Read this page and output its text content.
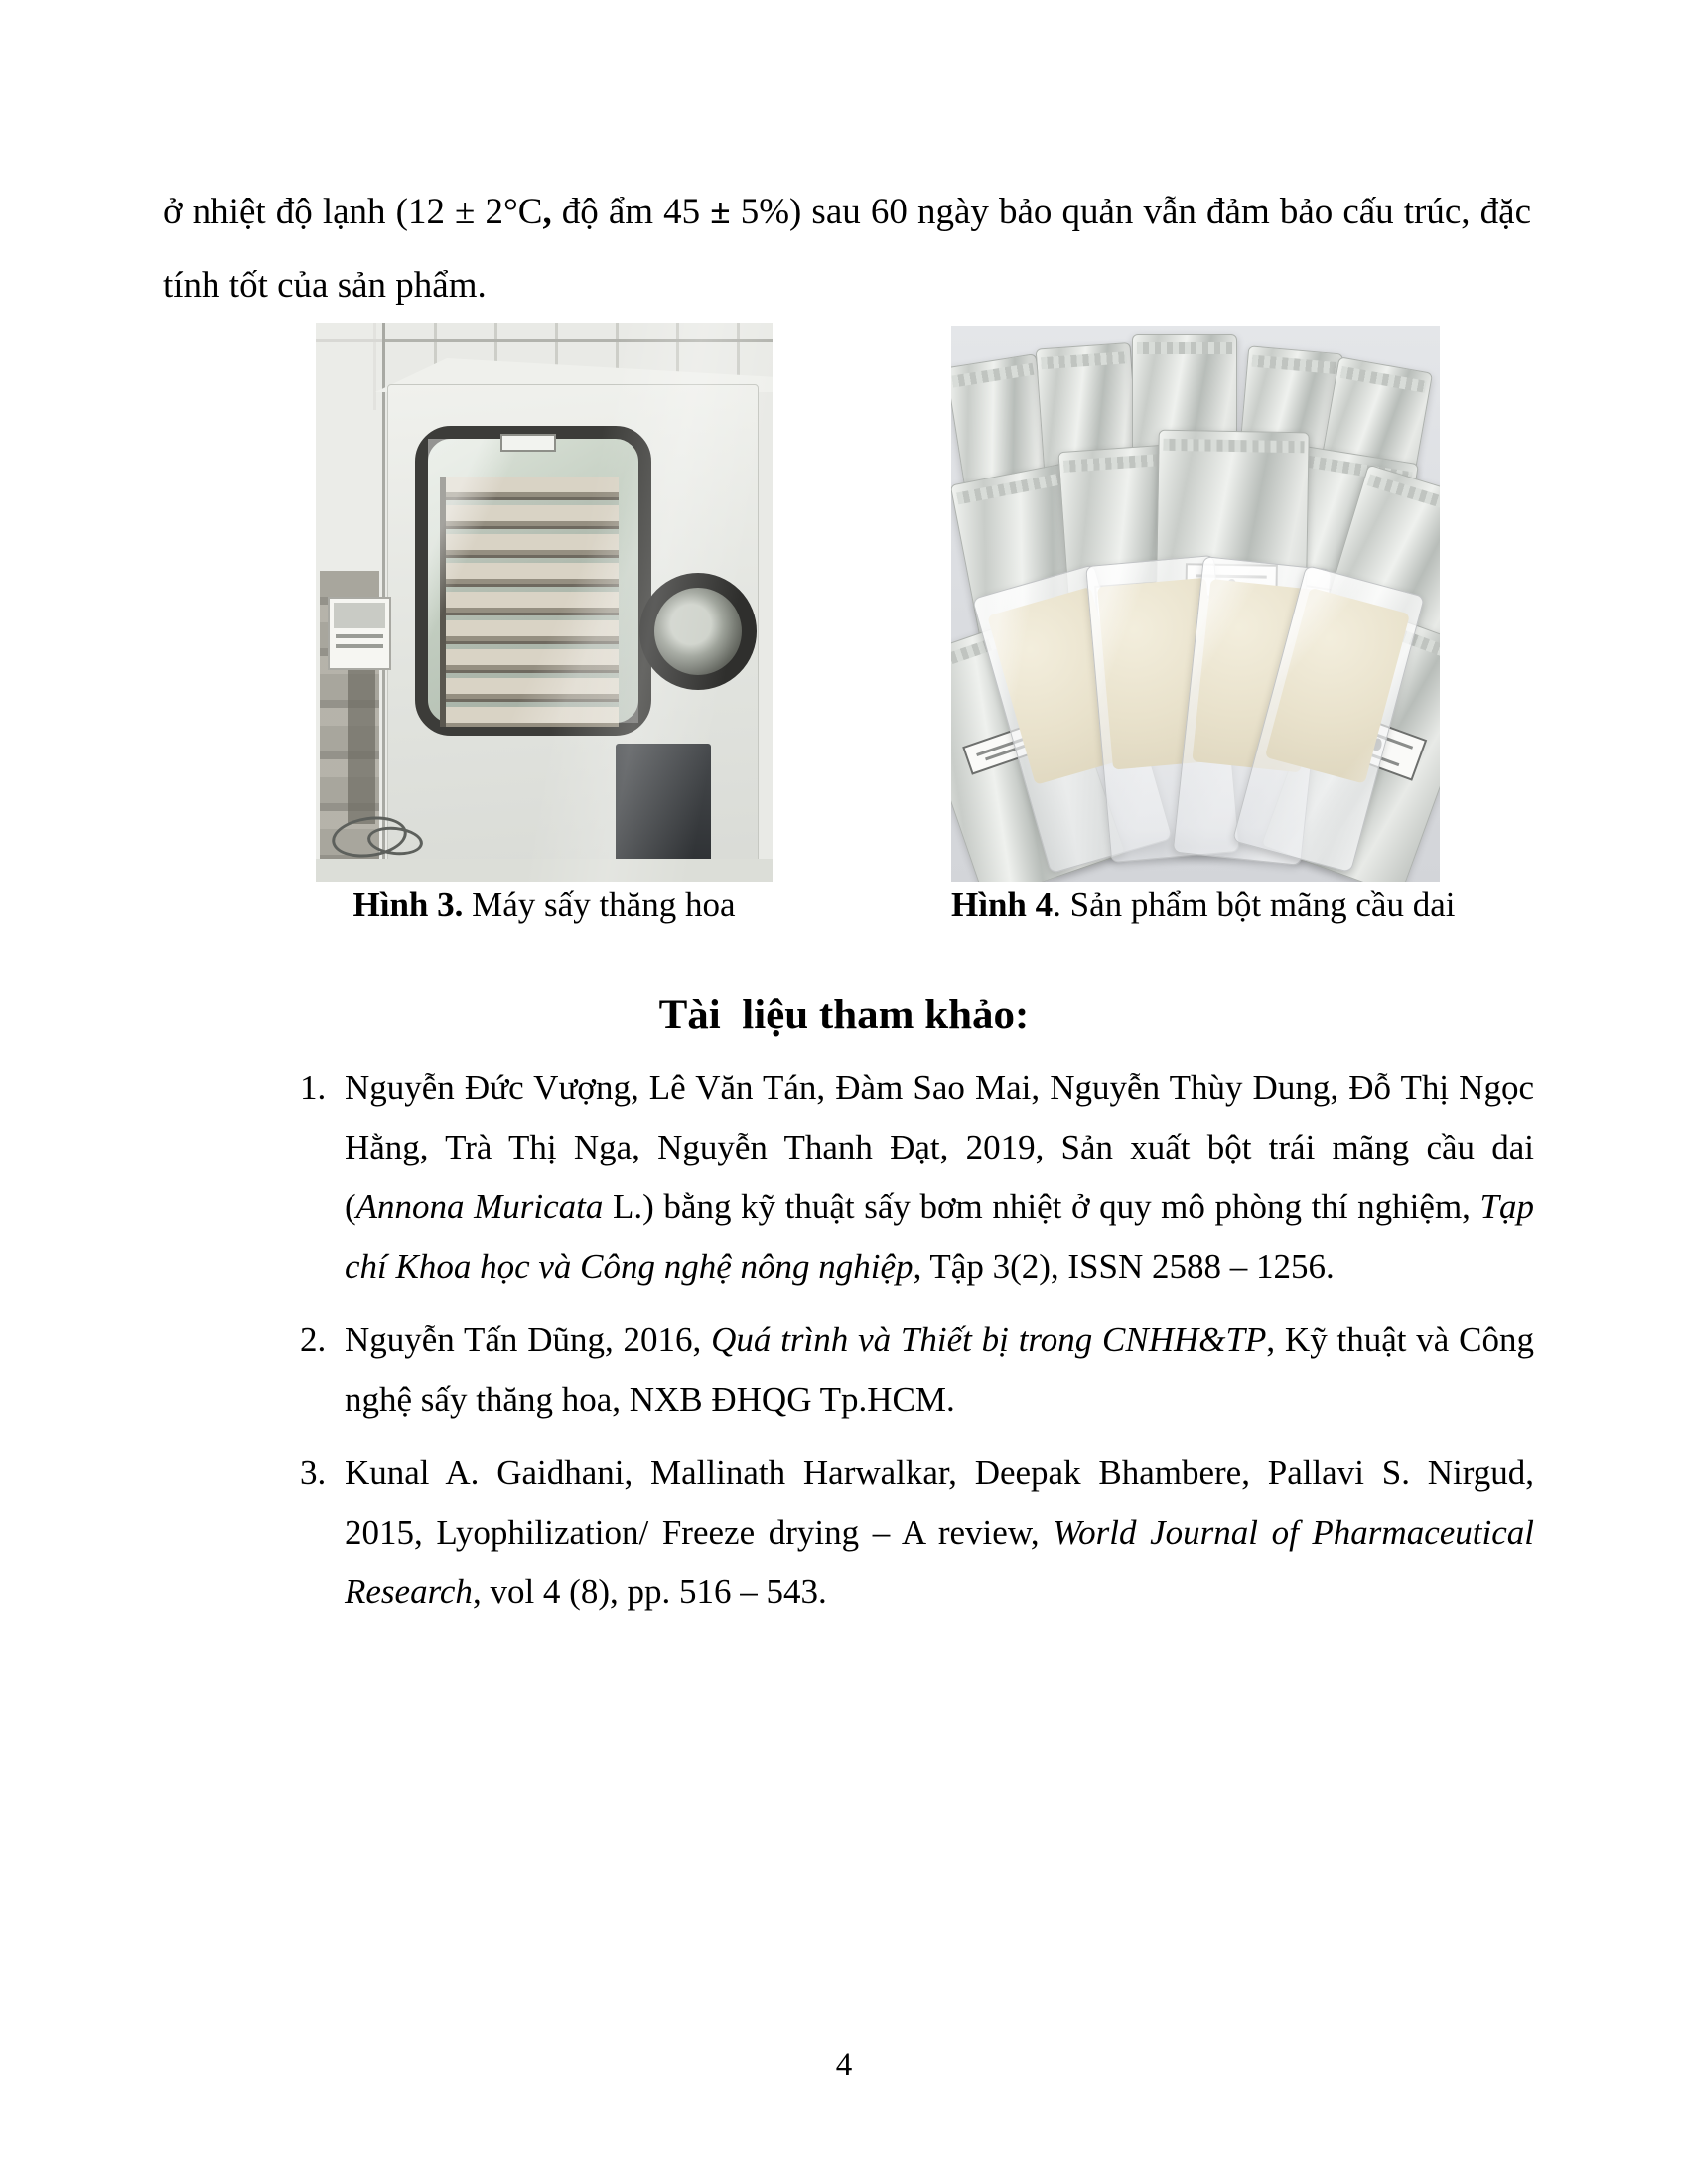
ở nhiệt độ lạnh (12 ± 2°C, độ ẩm 45 ± 5%) sau 60 ngày bảo quản vẫn đảm bảo cấu trúc, đặc tính tốt của sản phẩm.

Hình 3. Máy sấy thăng hoa	Hình 4. Sản phẩm bột mãng cầu dai
Tài  liệu tham khảo:
1. Nguyễn Đức Vượng, Lê Văn Tán, Đàm Sao Mai, Nguyễn Thùy Dung, Đỗ Thị Ngọc Hằng, Trà Thị Nga, Nguyễn Thanh Đạt, 2019, Sản xuất bột trái mãng cầu dai (Annona Muricata L.) bằng kỹ thuật sấy bơm nhiệt ở quy mô phòng thí nghiệm, Tạp chí Khoa học và Công nghệ nông nghiệp, Tập 3(2), ISSN 2588 – 1256.
2. Nguyễn Tấn Dũng, 2016, Quá trình và Thiết bị trong CNHH&TP, Kỹ thuật và Công nghệ sấy thăng hoa, NXB ĐHQG Tp.HCM.
3. Kunal A. Gaidhani, Mallinath Harwalkar, Deepak Bhambere, Pallavi S. Nirgud, 2015, Lyophilization/ Freeze drying – A review, World Journal of Pharmaceutical Research, vol 4 (8), pp. 516 – 543.
4
